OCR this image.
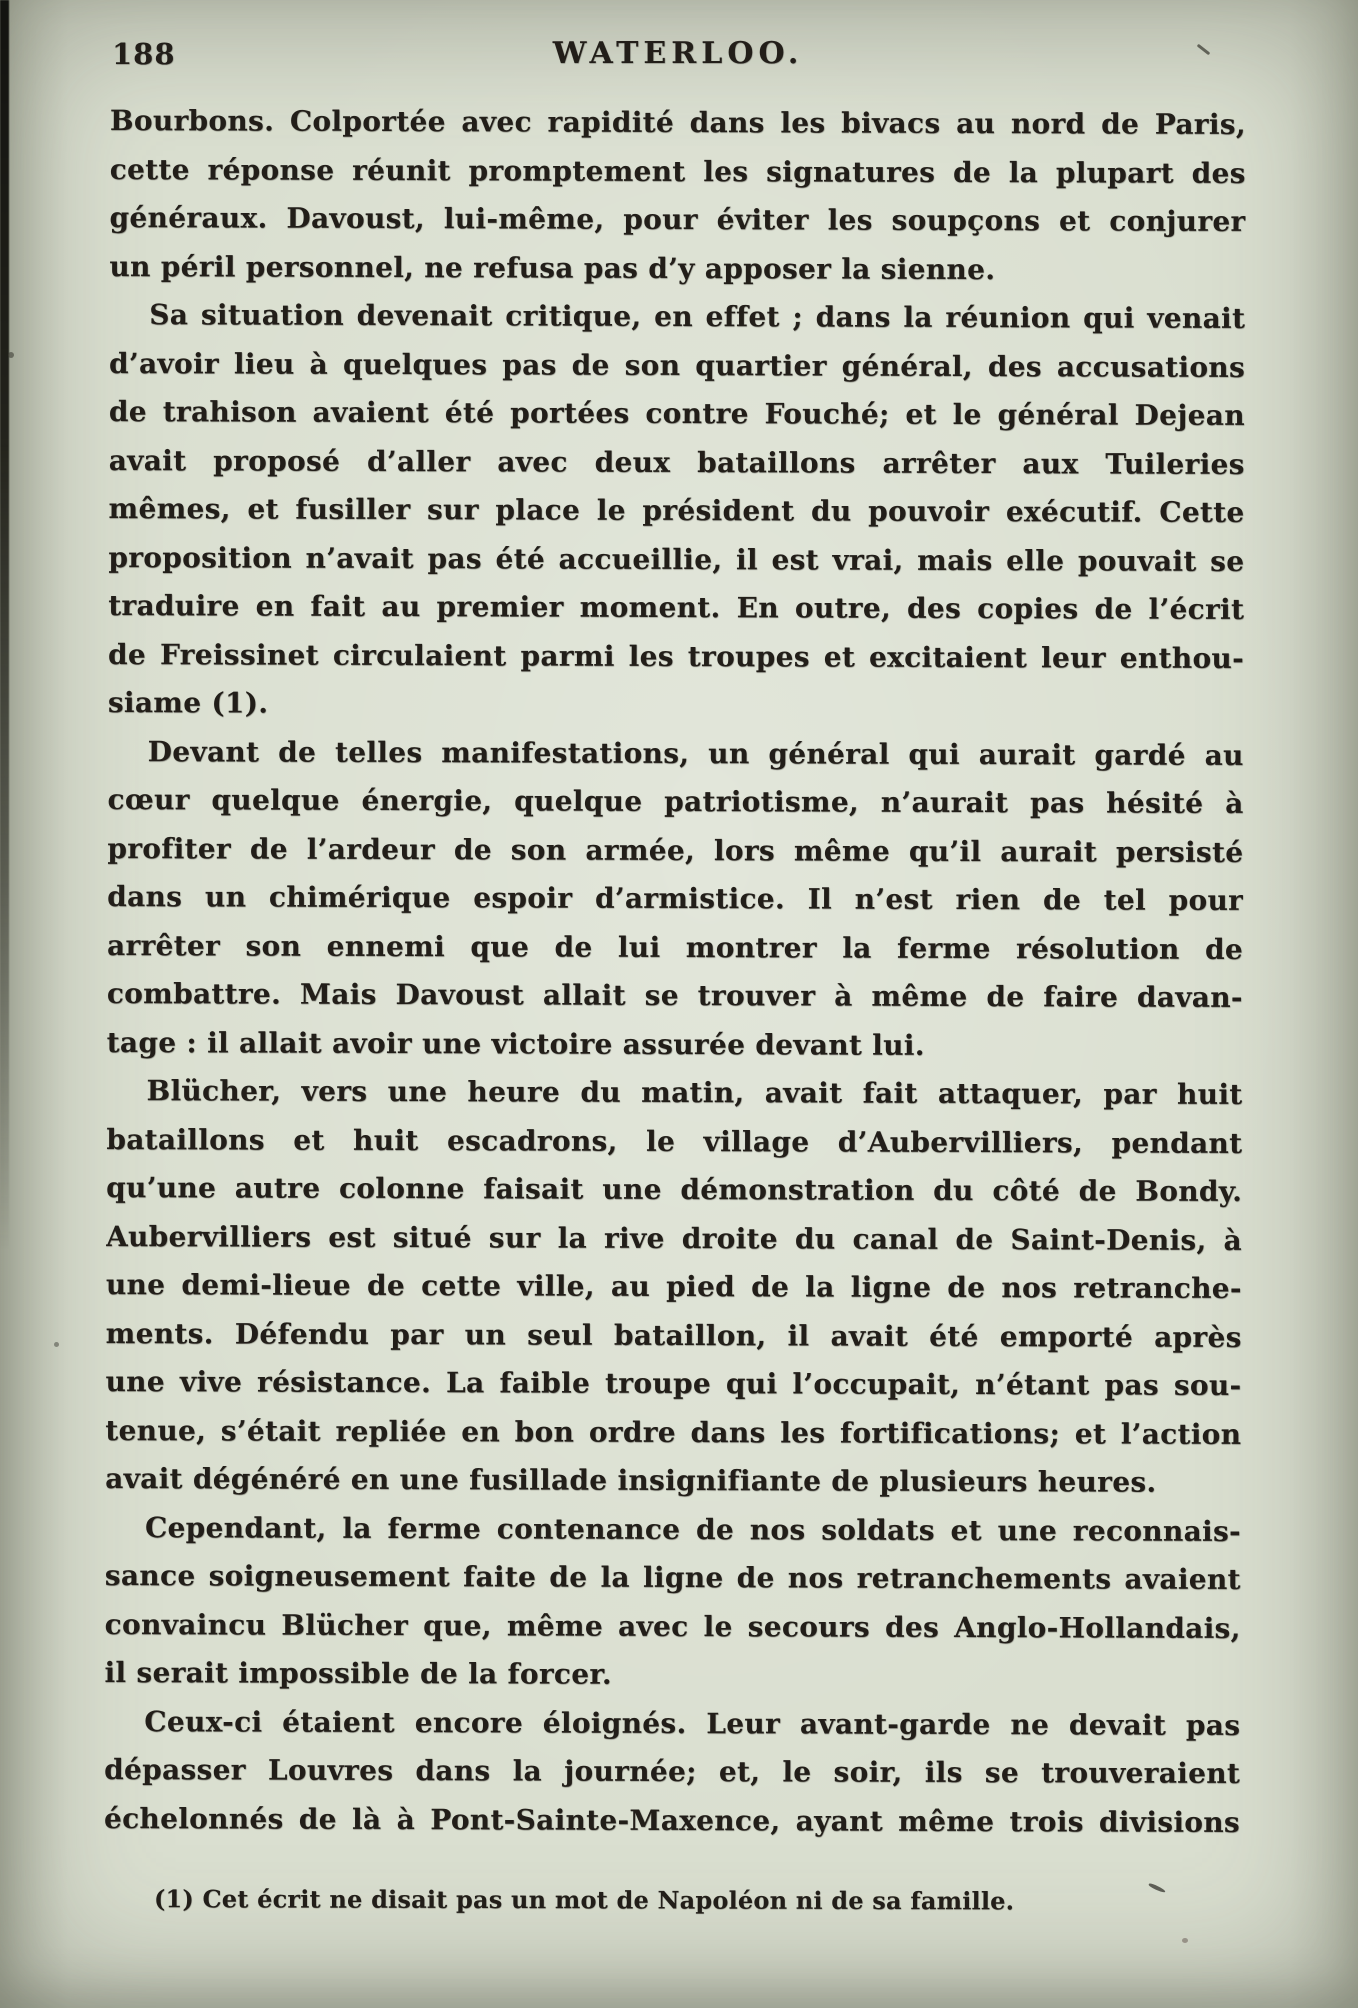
188	WATERLOO.
Bourbons. Colportée avec rapidité dans les bivacs au nord de Paris,
cette réponse réunit promptement les signatures de la plupart des
généraux. Davoust, lui-même, pour éviter les soupçons et conjurer
un péril personnel, ne refusa pas d’y apposer la sienne.
Sa situation devenait critique, en effet ; dans la réunion qui venait
d’avoir lieu à quelques pas de son quartier général, des accusations
de trahison avaient été portées contre Fouché; et le général Dejean
avait proposé d’aller avec deux bataillons arrêter aux Tuileries
mêmes, et fusiller sur place le président du pouvoir exécutif. Cette
proposition n’avait pas été accueillie, il est vrai, mais elle pouvait se
traduire en fait au premier moment. En outre, des copies de l’écrit
de Freissinet circulaient parmi les troupes et excitaient leur enthou-
siame (1).
Devant de telles manifestations, un général qui aurait gardé au
cœur quelque énergie, quelque patriotisme, n’aurait pas hésité à
profiter de l’ardeur de son armée, lors même qu’il aurait persisté
dans un chimérique espoir d’armistice. Il n’est rien de tel pour
arrêter son ennemi que de lui montrer la ferme résolution de
combattre. Mais Davoust allait se trouver à même de faire davan-
tage : il allait avoir une victoire assurée devant lui.
Blücher, vers une heure du matin, avait fait attaquer, par huit
bataillons et huit escadrons, le village d’Aubervilliers, pendant
qu’une autre colonne faisait une démonstration du côté de Bondy.
Aubervilliers est situé sur la rive droite du canal de Saint-Denis, à
une demi-lieue de cette ville, au pied de la ligne de nos retranche-
ments. Défendu par un seul bataillon, il avait été emporté après
une vive résistance. La faible troupe qui l’occupait, n’étant pas sou-
tenue, s’était repliée en bon ordre dans les fortifications; et l’action
avait dégénéré en une fusillade insignifiante de plusieurs heures.
Cependant, la ferme contenance de nos soldats et une reconnais-
sance soigneusement faite de la ligne de nos retranchements avaient
convaincu Blücher que, même avec le secours des Anglo-Hollandais,
il serait impossible de la forcer.
Ceux-ci étaient encore éloignés. Leur avant-garde ne devait pas
dépasser Louvres dans la journée; et, le soir, ils se trouveraient
échelonnés de là à Pont-Sainte-Maxence, ayant même trois divisions
(1) Cet écrit ne disait pas un mot de Napoléon ni de sa famille.
